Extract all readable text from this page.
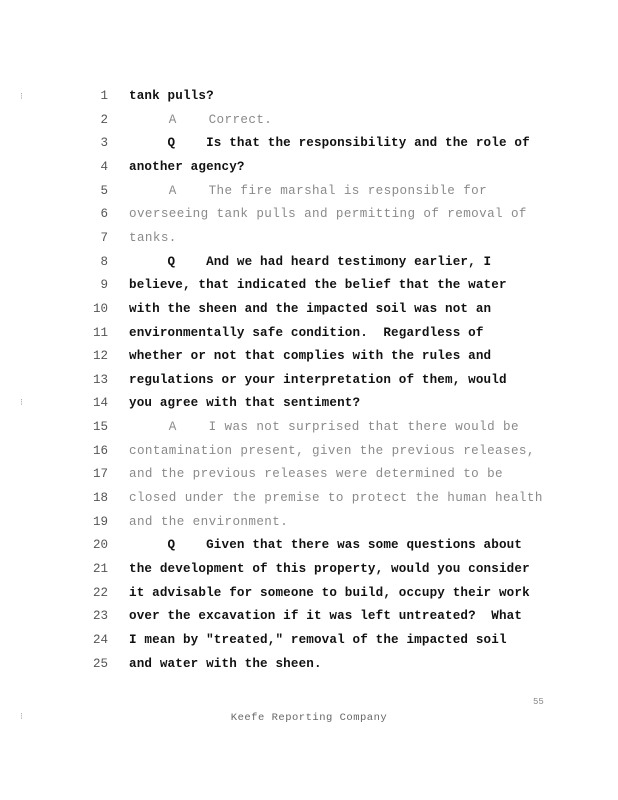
1 tank pulls?
2 A    Correct.
3 Q    Is that the responsibility and the role of
4 another agency?
5 A    The fire marshal is responsible for
6 overseeing tank pulls and permitting of removal of
7 tanks.
8 Q    And we had heard testimony earlier, I
9 believe, that indicated the belief that the water
10 with the sheen and the impacted soil was not an
11 environmentally safe condition.  Regardless of
12 whether or not that complies with the rules and
13 regulations or your interpretation of them, would
14 you agree with that sentiment?
15 A    I was not surprised that there would be
16 contamination present, given the previous releases,
17 and the previous releases were determined to be
18 closed under the premise to protect the human health
19 and the environment.
20 Q    Given that there was some questions about
21 the development of this property, would you consider
22 it advisable for someone to build, occupy their work
23 over the excavation if it was left untreated?  What
24 I mean by "treated," removal of the impacted soil
25 and water with the sheen.
⁝
⁝
⁝
55
Keefe Reporting Company
